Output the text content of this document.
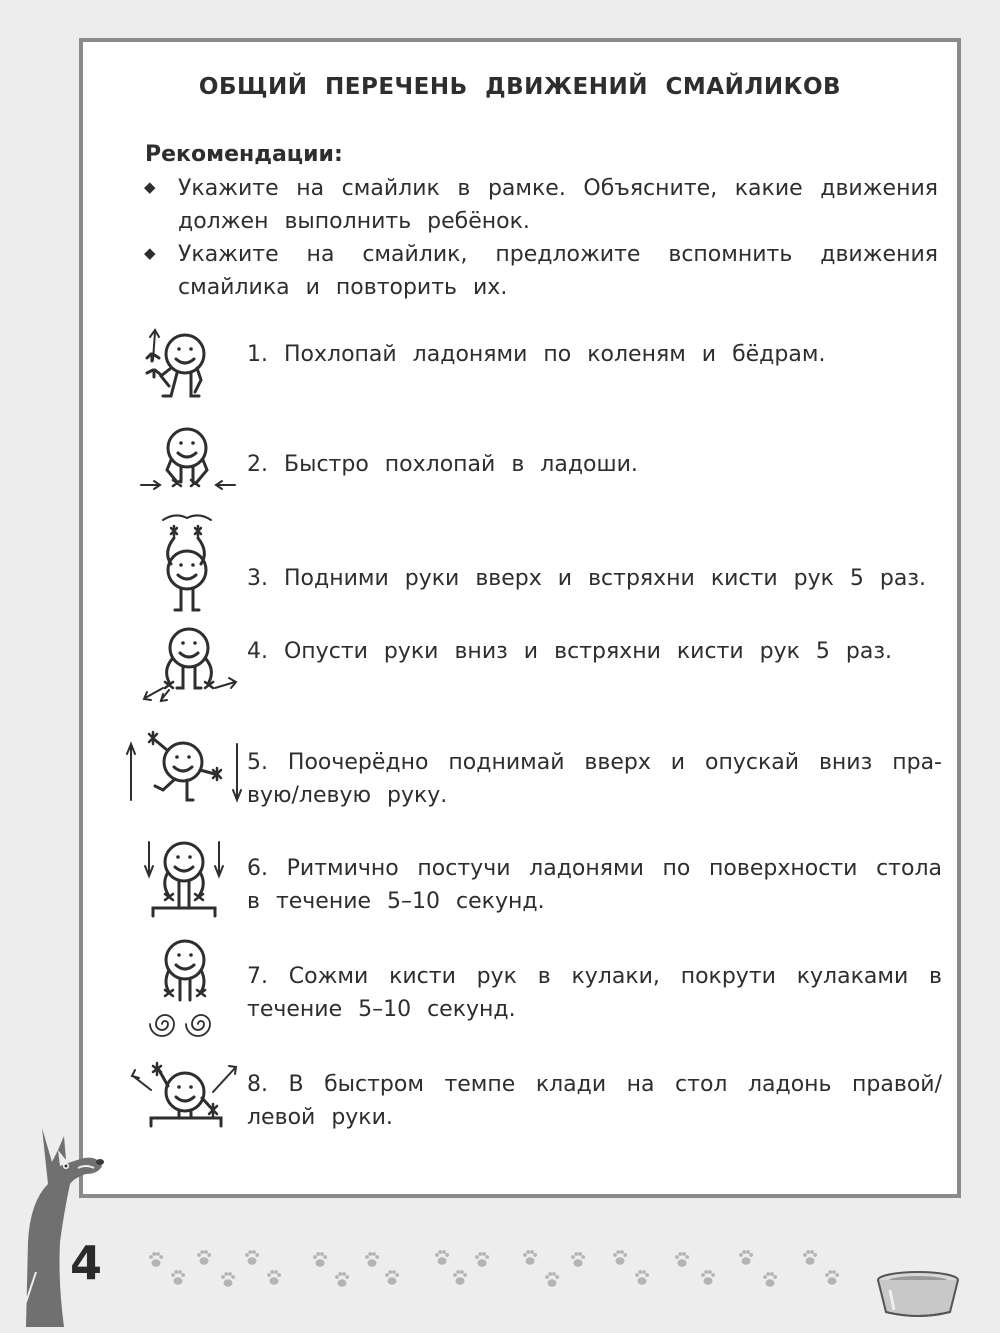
ОБЩИЙ ПЕРЕЧЕНЬ ДВИЖЕНИЙ СМАЙЛИКОВ
Рекомендации:
◆ Укажите на смайлик в рамке. Объясните, какие движения должен выполнить ребёнок.
◆ Укажите на смайлик, предложите вспомнить движения смайлика и повторить их.
1. Похлопай ладонями по коленям и бёдрам.
2. Быстро похлопай в ладоши.
3. Подними руки вверх и встряхни кисти рук 5 раз.
4. Опусти руки вниз и встряхни кисти рук 5 раз.
5. Поочерёдно поднимай вверх и опускай вниз пра- вую/левую руку.
6. Ритмично постучи ладонями по поверхности стола в течение 5–10 секунд.
7. Сожми кисти рук в кулаки, покрути кулаками в течение 5–10 секунд.
8. В быстром темпе клади на стол ладонь правой/ левой руки.
4
